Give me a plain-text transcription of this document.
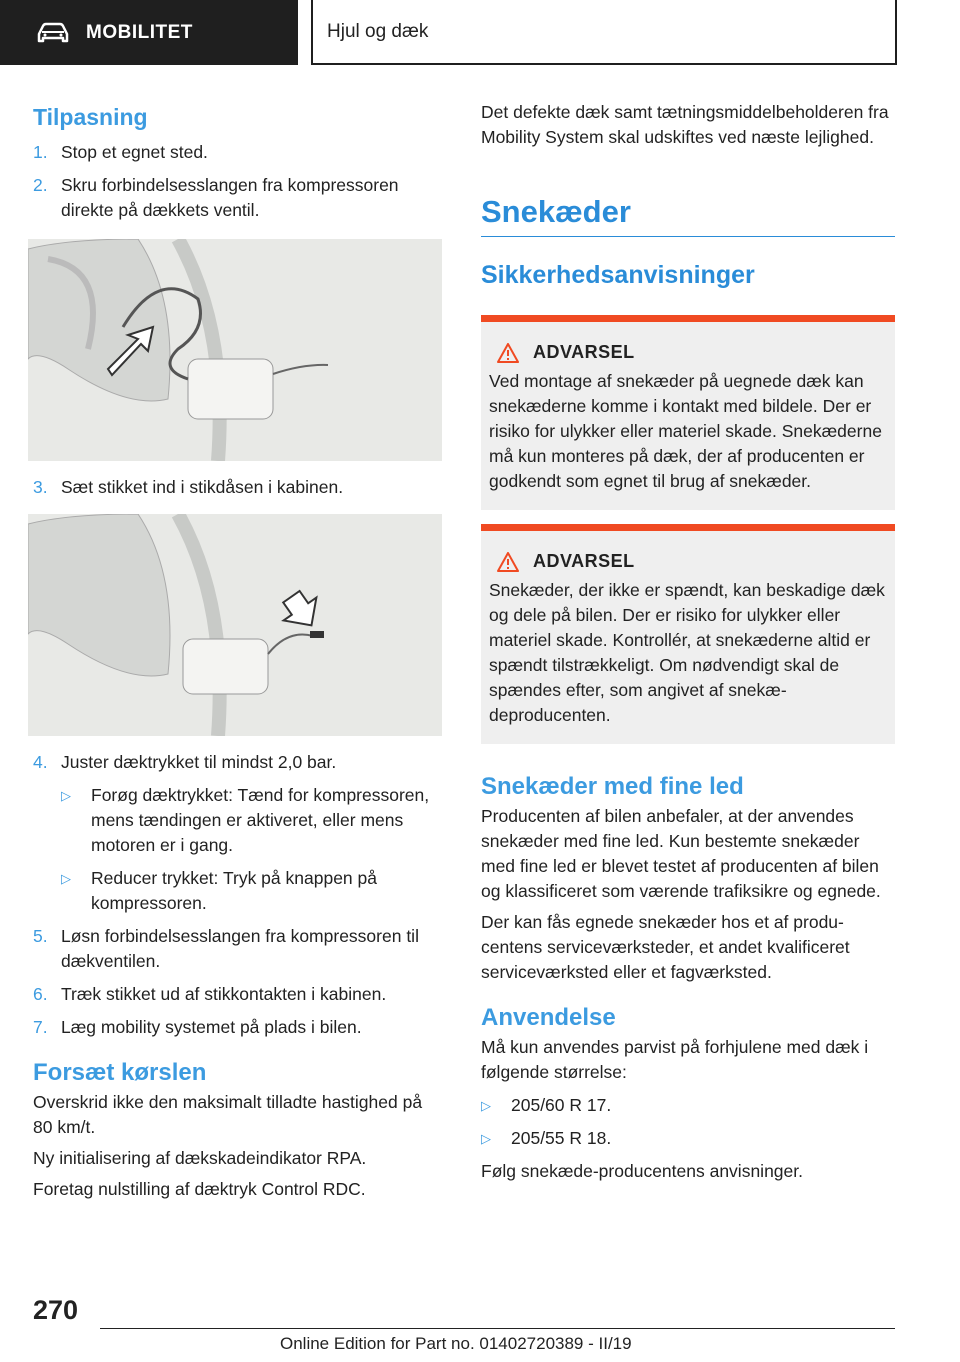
MOBILITET	Hjul og dæk
Tilpasning
1. Stop et egnet sted.
2. Skru forbindelsesslangen fra kompressoren direkte på dækkets ventil.
3. Sæt stikket ind i stikdåsen i kabinen.
4. Juster dæktrykket til mindst 2,0 bar.
▷	Forøg dæktrykket: Tænd for kompressoren, mens tændingen er aktiveret, eller mens motoren er i gang.
▷	Reducer trykket: Tryk på knappen på kompressoren.
5. Løsn forbindelsesslangen fra kompressoren til dækventilen.
6. Træk stikket ud af stikkontakten i kabinen.
7. Læg mobility systemet på plads i bilen.
Forsæt kørslen

Overskrid ikke den maksimalt tilladte hastighed på 80 km/t.

Ny initialisering af dækskadeindikator RPA.

Foretag nulstilling af dæktryk Control RDC.

Det defekte dæk samt tætningsmiddelbeholderen fra Mobility System skal udskiftes ved næste lejlighed.

Snekæder
Sikkerhedsanvisninger
ADVARSEL

Ved montage af snekæder på uegnede dæk kan snekæderne komme i kontakt med bildele. Der er risiko for ulykker eller materiel skade. Snekæderne må kun monteres på dæk, der af producenten er godkendt som egnet til brug af snekæder.

ADVARSEL

Snekæder, der ikke er spændt, kan beskadige dæk og dele på bilen. Der er risiko for ulykker eller materiel skade. Kontrollér, at snekæderne altid er spændt tilstrækkeligt. Om nødvendigt skal de spændes efter, som angivet af snekædeproducenten.

Snekæder med fine led

Producenten af bilen anbefaler, at der anvendes snekæder med fine led. Kun bestemte snekæder med fine led er blevet testet af producenten af bilen og klassificeret som værende trafiksikre og egnede.

Der kan fås egnede snekæder hos et af producentens serviceværksteder, et andet kvalificeret serviceværksted eller et fagværksted.

Anvendelse

Må kun anvendes parvist på forhjulene med dæk i følgende størrelse:

▷	205/60 R 17.
▷	205/55 R 18.

Følg snekæde-producentens anvisninger.

270
Online Edition for Part no. 01402720389 - II/19
